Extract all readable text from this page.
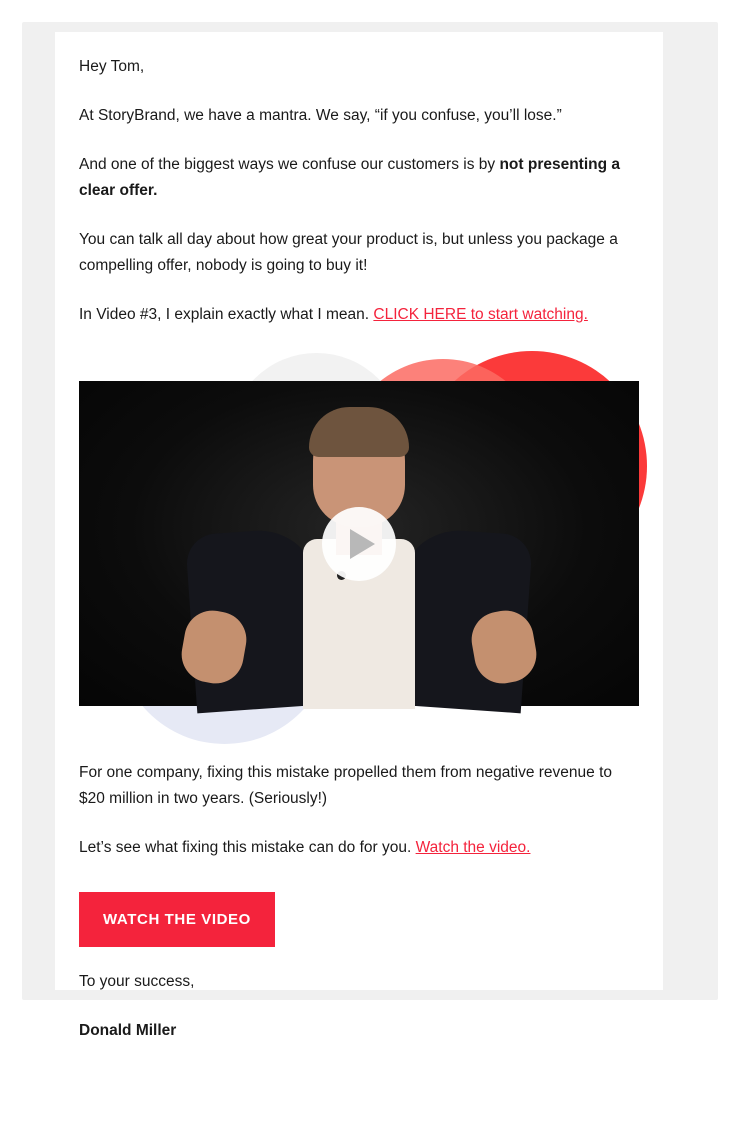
Hey Tom,

At StoryBrand, we have a mantra. We say, “if you confuse, you’ll lose.”

And one of the biggest ways we confuse our customers is by not presenting a clear offer.

You can talk all day about how great your product is, but unless you package a compelling offer, nobody is going to buy it!

In Video #3, I explain exactly what I mean. CLICK HERE to start watching.

For one company, fixing this mistake propelled them from negative revenue to $20 million in two years. (Seriously!)

Let’s see what fixing this mistake can do for you. Watch the video.

WATCH THE VIDEO

To your success,

Donald Miller
